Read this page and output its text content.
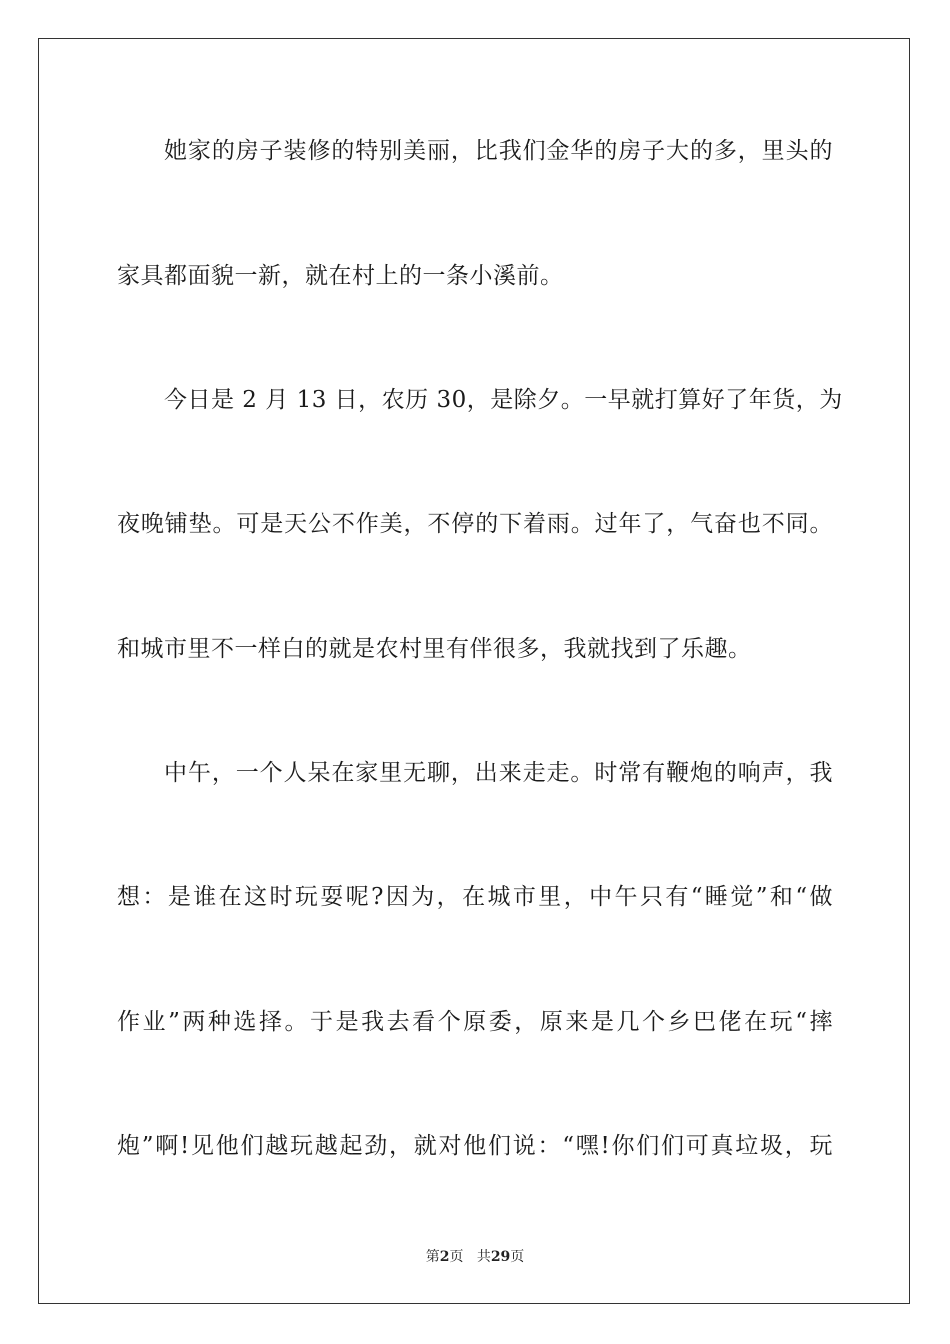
她家的房子装修的特别美丽，比我们金华的房子大的多，里头的
家具都面貌一新，就在村上的一条小溪前。
今日是 2 月 13 日，农历 30，是除夕。一早就打算好了年货，为
夜晚铺垫。可是天公不作美，不停的下着雨。过年了，气奋也不同。
和城市里不一样白的就是农村里有伴很多，我就找到了乐趣。
中午，一个人呆在家里无聊，出来走走。时常有鞭炮的响声，我
想：是谁在这时玩耍呢?因为，在城市里，中午只有“睡觉”和“做
作业”两种选择。于是我去看个原委，原来是几个乡巴佬在玩“摔
炮”啊!见他们越玩越起劲，就对他们说：“嘿!你们们可真垃圾，玩
第2页 共29页
